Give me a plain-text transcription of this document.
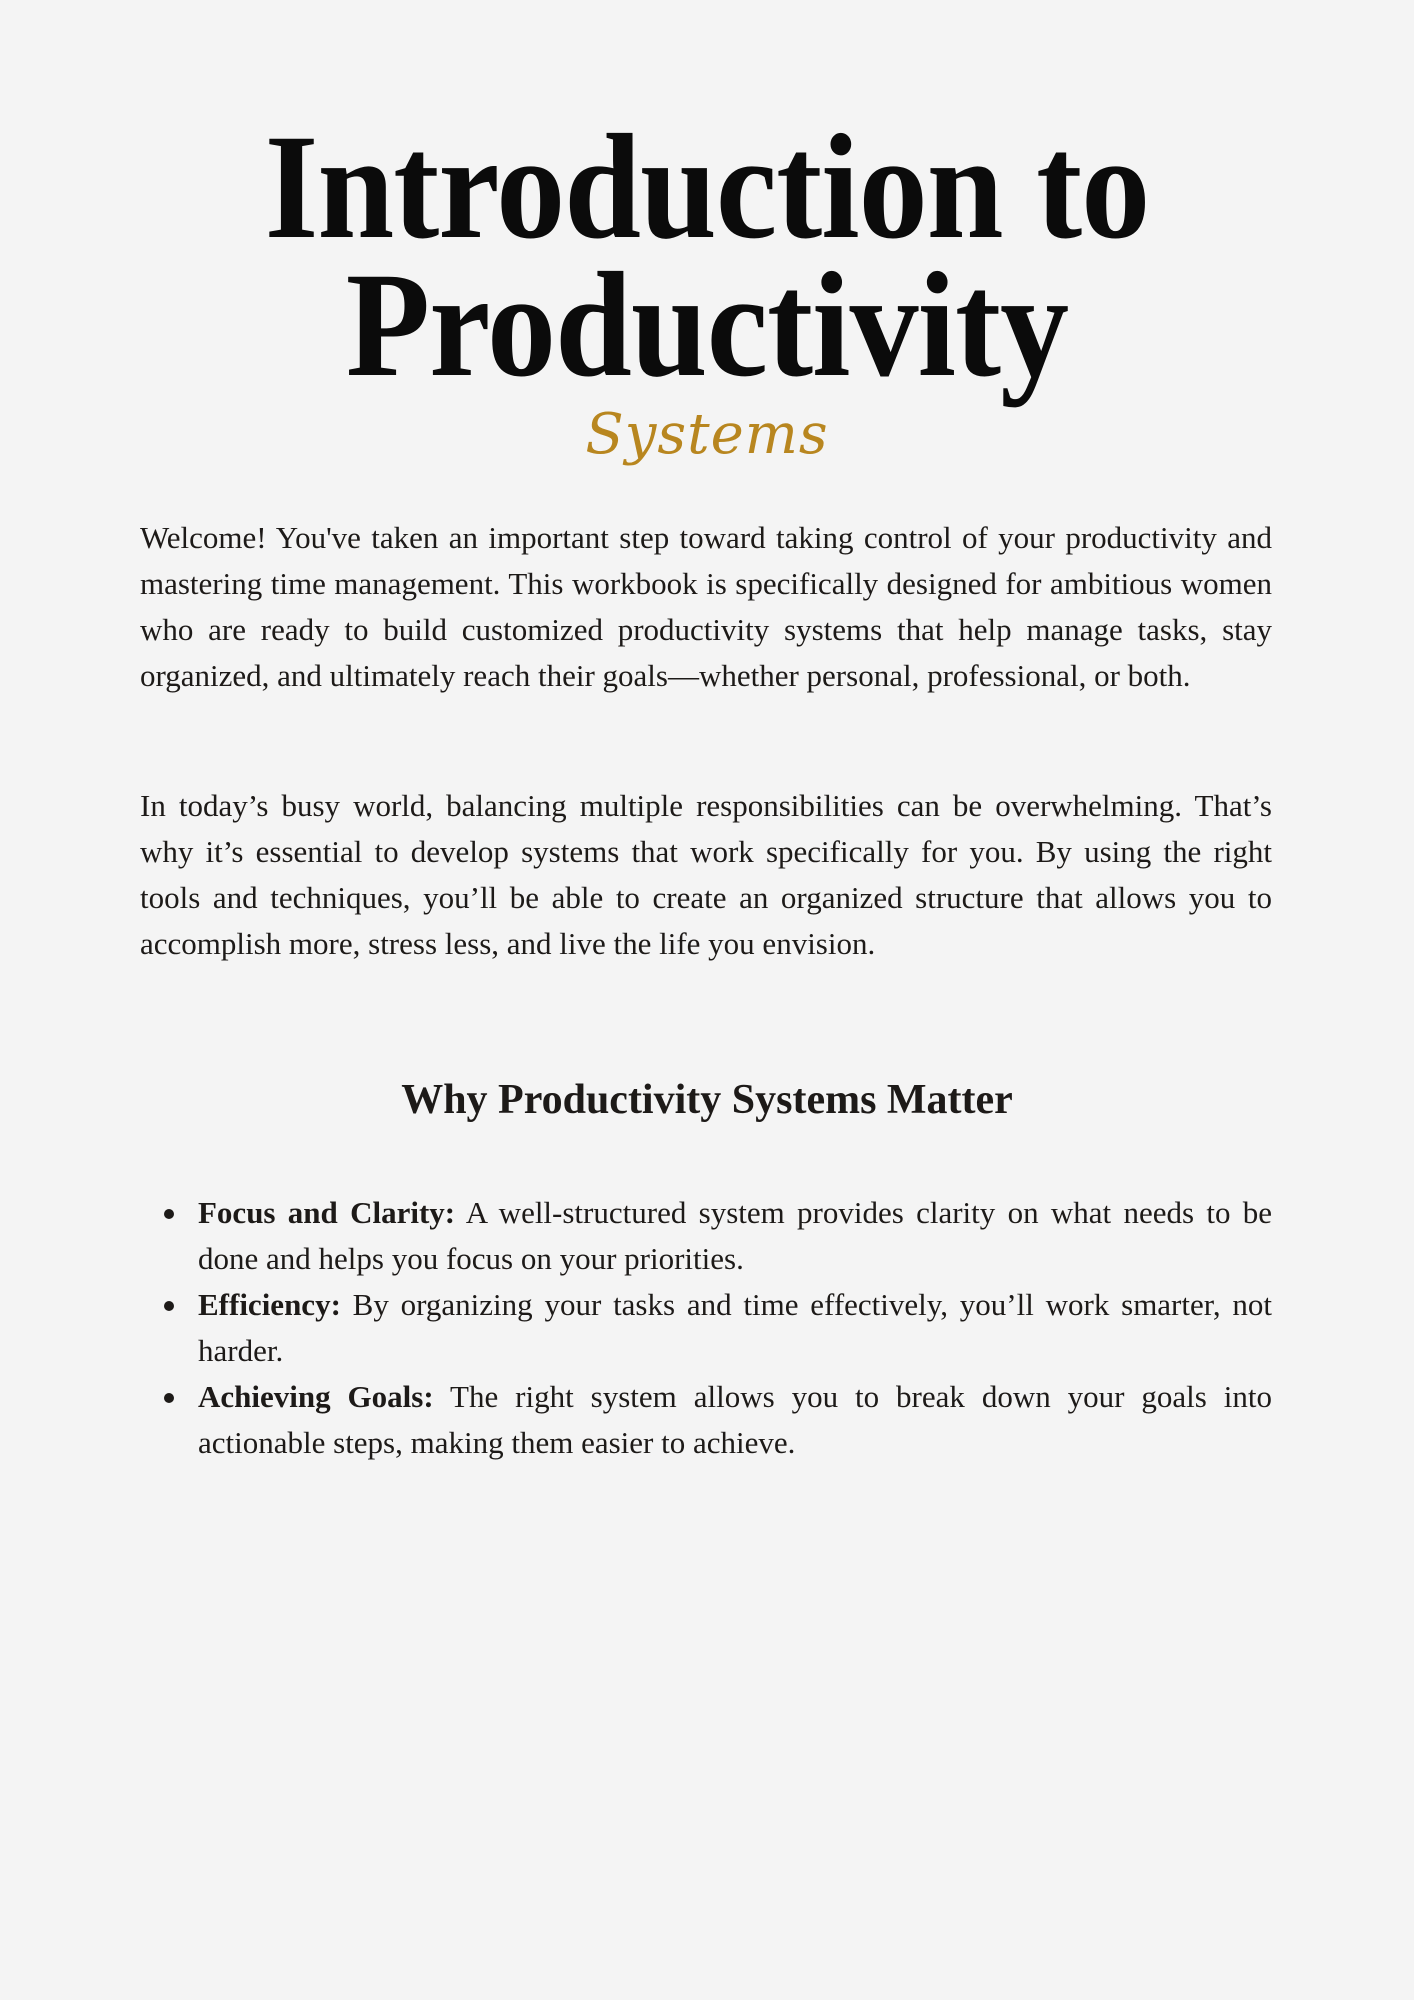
Introduction to
Productivity
Systems

Welcome! You've taken an important step toward taking control of your productivity and mastering time management. This workbook is specifically designed for ambitious women who are ready to build customized productivity systems that help manage tasks, stay organized, and ultimately reach their goals—whether personal, professional, or both.

In today’s busy world, balancing multiple responsibilities can be overwhelming. That’s why it’s essential to develop systems that work specifically for you. By using the right tools and techniques, you’ll be able to create an organized structure that allows you to accomplish more, stress less, and live the life you envision.

Why Productivity Systems Matter
Focus and Clarity: A well-structured system provides clarity on what needs to be done and helps you focus on your priorities.
Efficiency: By organizing your tasks and time effectively, you’ll work smarter, not harder.
Achieving Goals: The right system allows you to break down your goals into actionable steps, making them easier to achieve.
